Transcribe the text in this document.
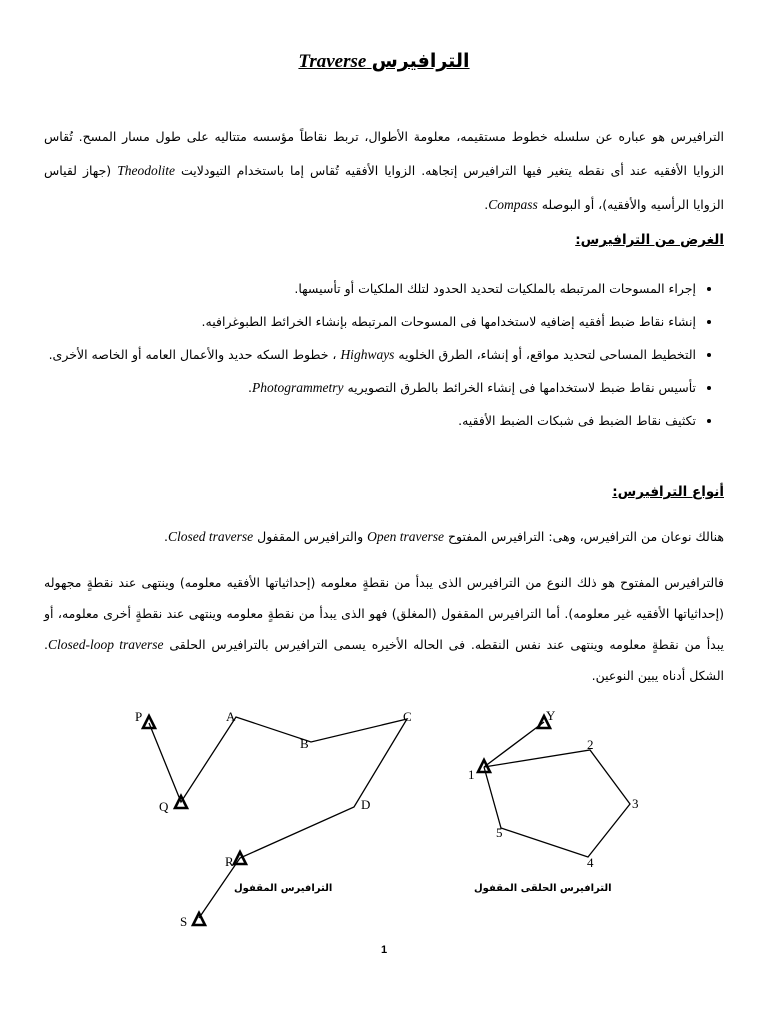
الترافيرس Traverse
الترافيرس هو عباره عن سلسله خطوط مستقيمه، معلومة الأطوال، تربط نقاطاً مؤسسه متتاليه على طول مسار المسح. تُقاس الزوايا الأفقيه عند أى نقطه يتغير فيها الترافيرس إتجاهه. الزوايا الأفقيه تُقاس إما باستخدام التيودلايت Theodolite (جهاز لقياس الزوايا الرأسيه والأفقيه)، أو البوصله Compass.
الغرض من الترافيرس:
• إجراء المسوحات المرتبطه بالملكيات لتحديد الحدود لتلك الملكيات أو تأسيسها.
• إنشاء نقاط ضبط أفقيه إضافيه لاستخدامها فى المسوحات المرتبطه بإنشاء الخرائط الطبوغرافيه.
• التخطيط المساحى لتحديد مواقع، أو إنشاء، الطرق الخلويه Highways ، خطوط السكه حديد والأعمال العامه أو الخاصه الأخرى.
• تأسيس نقاط ضبط لاستخدامها فى إنشاء الخرائط بالطرق التصويريه Photogrammetry.
• تكثيف نقاط الضبط فى شبكات الضبط الأفقيه.
أنواع الترافيرس:
هنالك نوعان من الترافيرس، وهى: الترافيرس المفتوح Open traverse والترافيرس المقفول Closed traverse.
فالترافيرس المفتوح هو ذلك النوع من الترافيرس الذى يبدأ من نقطةٍ معلومه (إحداثياتها الأفقيه معلومه) وينتهى عند نقطةٍ مجهوله (إحداثياتها الأفقيه غير معلومه). أما الترافيرس المقفول (المغلق) فهو الذى يبدأ من نقطةٍ معلومه وينتهى عند نقطةٍ أخرى معلومه، أو يبدأ من نقطةٍ معلومه وينتهى عند نفس النقطه. فى الحاله الأخيره يسمى الترافيرس بالترافيرس الحلقى Closed-loop traverse. الشكل أدناه يبين النوعين.
P
Q
A
B
C
D
R
S
Y
1
2
3
4
5
الترافيرس المقفول	الترافيرس الحلقى المقفول
1
